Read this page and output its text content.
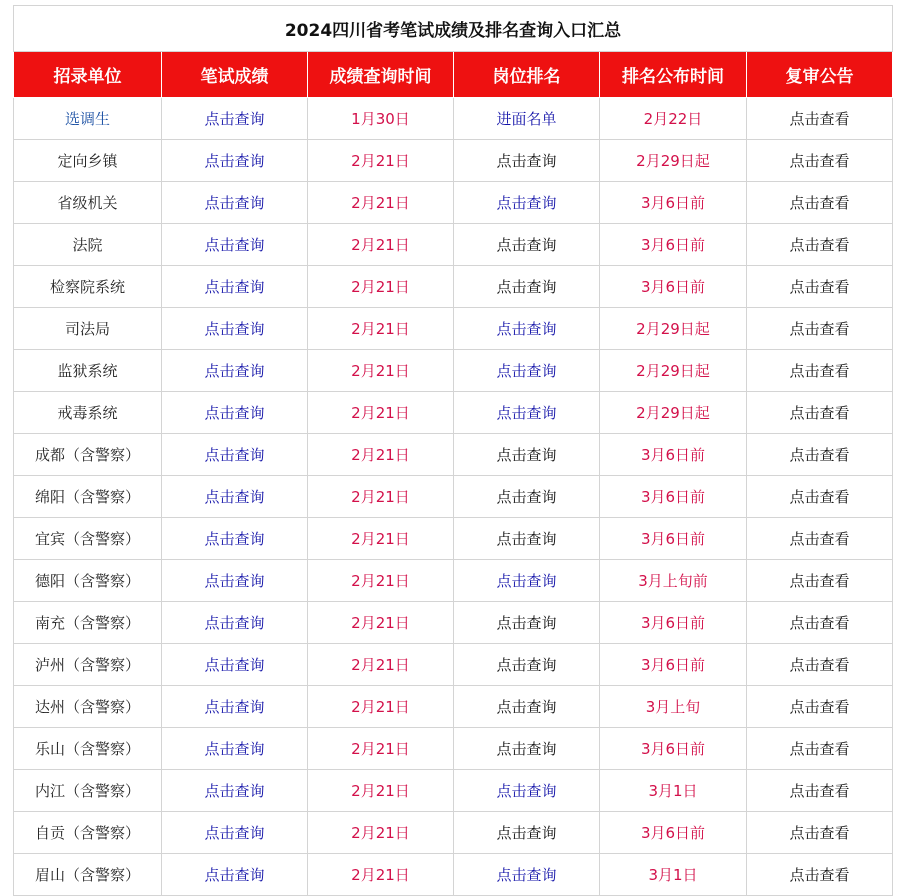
2024四川省考笔试成绩及排名查询入口汇总					
招录单位	笔试成绩	成绩查询时间	岗位排名	排名公布时间	复审公告
选调生	点击查询	1月30日	进面名单	2月22日	点击查看
定向乡镇	点击查询	2月21日	点击查询	2月29日起	点击查看
省级机关	点击查询	2月21日	点击查询	3月6日前	点击查看
法院	点击查询	2月21日	点击查询	3月6日前	点击查看
检察院系统	点击查询	2月21日	点击查询	3月6日前	点击查看
司法局	点击查询	2月21日	点击查询	2月29日起	点击查看
监狱系统	点击查询	2月21日	点击查询	2月29日起	点击查看
戒毒系统	点击查询	2月21日	点击查询	2月29日起	点击查看
成都（含警察）	点击查询	2月21日	点击查询	3月6日前	点击查看
绵阳（含警察）	点击查询	2月21日	点击查询	3月6日前	点击查看
宜宾（含警察）	点击查询	2月21日	点击查询	3月6日前	点击查看
德阳（含警察）	点击查询	2月21日	点击查询	3月上旬前	点击查看
南充（含警察）	点击查询	2月21日	点击查询	3月6日前	点击查看
泸州（含警察）	点击查询	2月21日	点击查询	3月6日前	点击查看
达州（含警察）	点击查询	2月21日	点击查询	3月上旬	点击查看
乐山（含警察）	点击查询	2月21日	点击查询	3月6日前	点击查看
内江（含警察）	点击查询	2月21日	点击查询	3月1日	点击查看
自贡（含警察）	点击查询	2月21日	点击查询	3月6日前	点击查看
眉山（含警察）	点击查询	2月21日	点击查询	3月1日	点击查看
